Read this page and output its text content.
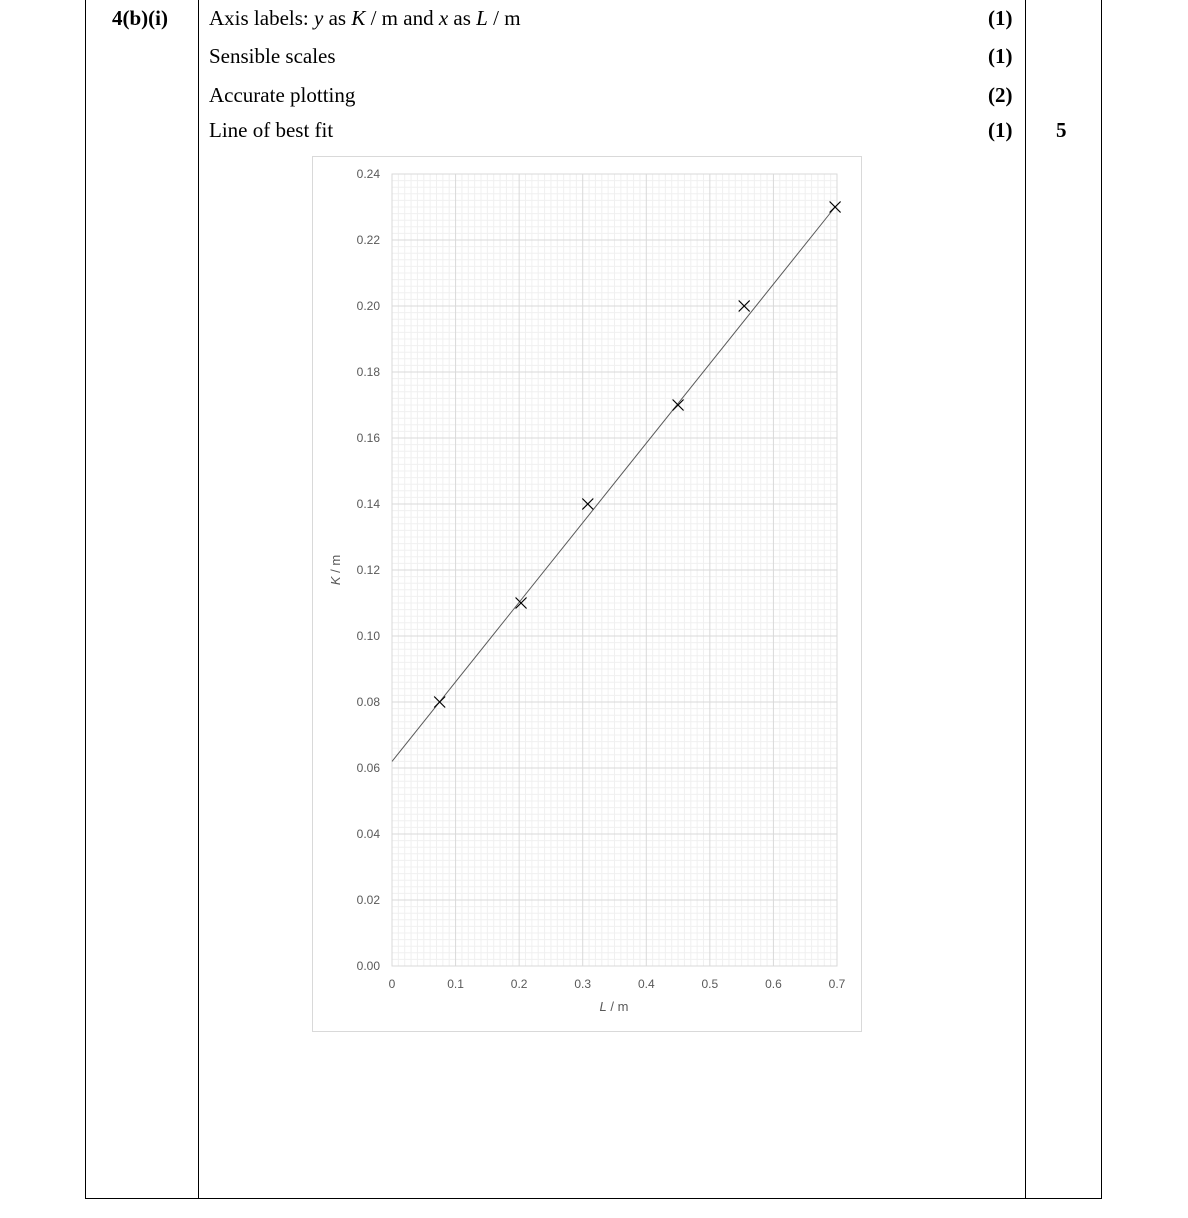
4(b)(i) Axis labels: y as K / m and x as L / m	(1)
Sensible scales	(1)
Accurate plotting	(2)
Line of best fit	(1) 5
0.00
0.02
0.04
0.06
0.08
0.10
0.12
0.14
0.16
0.18
0.20
0.22
0.24
0	0.1	0.2	0.3	0.4	0.5	0.6	0.7
L / m
K / m
